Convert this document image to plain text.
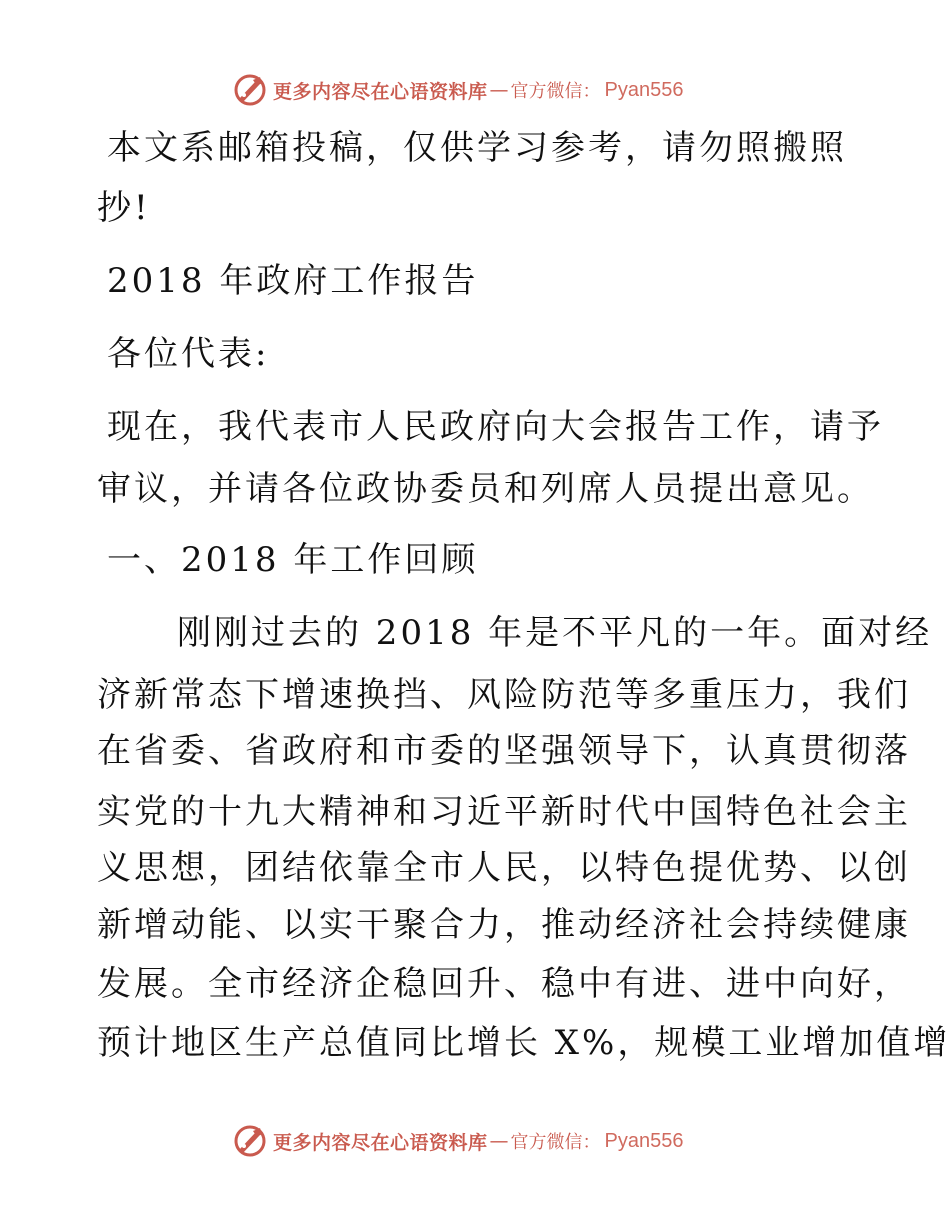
更多内容尽在心语资料库 — 官方微信： Pyan556
本文系邮箱投稿，仅供学习参考，请勿照搬照
抄!
2018 年政府工作报告
各位代表:
现在，我代表市人民政府向大会报告工作，请予
审议，并请各位政协委员和列席人员提出意见。
一、2018 年工作回顾
刚刚过去的 2018 年是不平凡的一年。面对经
济新常态下增速换挡、风险防范等多重压力，我们
在省委、省政府和市委的坚强领导下，认真贯彻落
实党的十九大精神和习近平新时代中国特色社会主
义思想，团结依靠全市人民，以特色提优势、以创
新增动能、以实干聚合力，推动经济社会持续健康
发展。全市经济企稳回升、稳中有进、进中向好，
预计地区生产总值同比增长 X%，规模工业增加值增
更多内容尽在心语资料库 — 官方微信： Pyan556
